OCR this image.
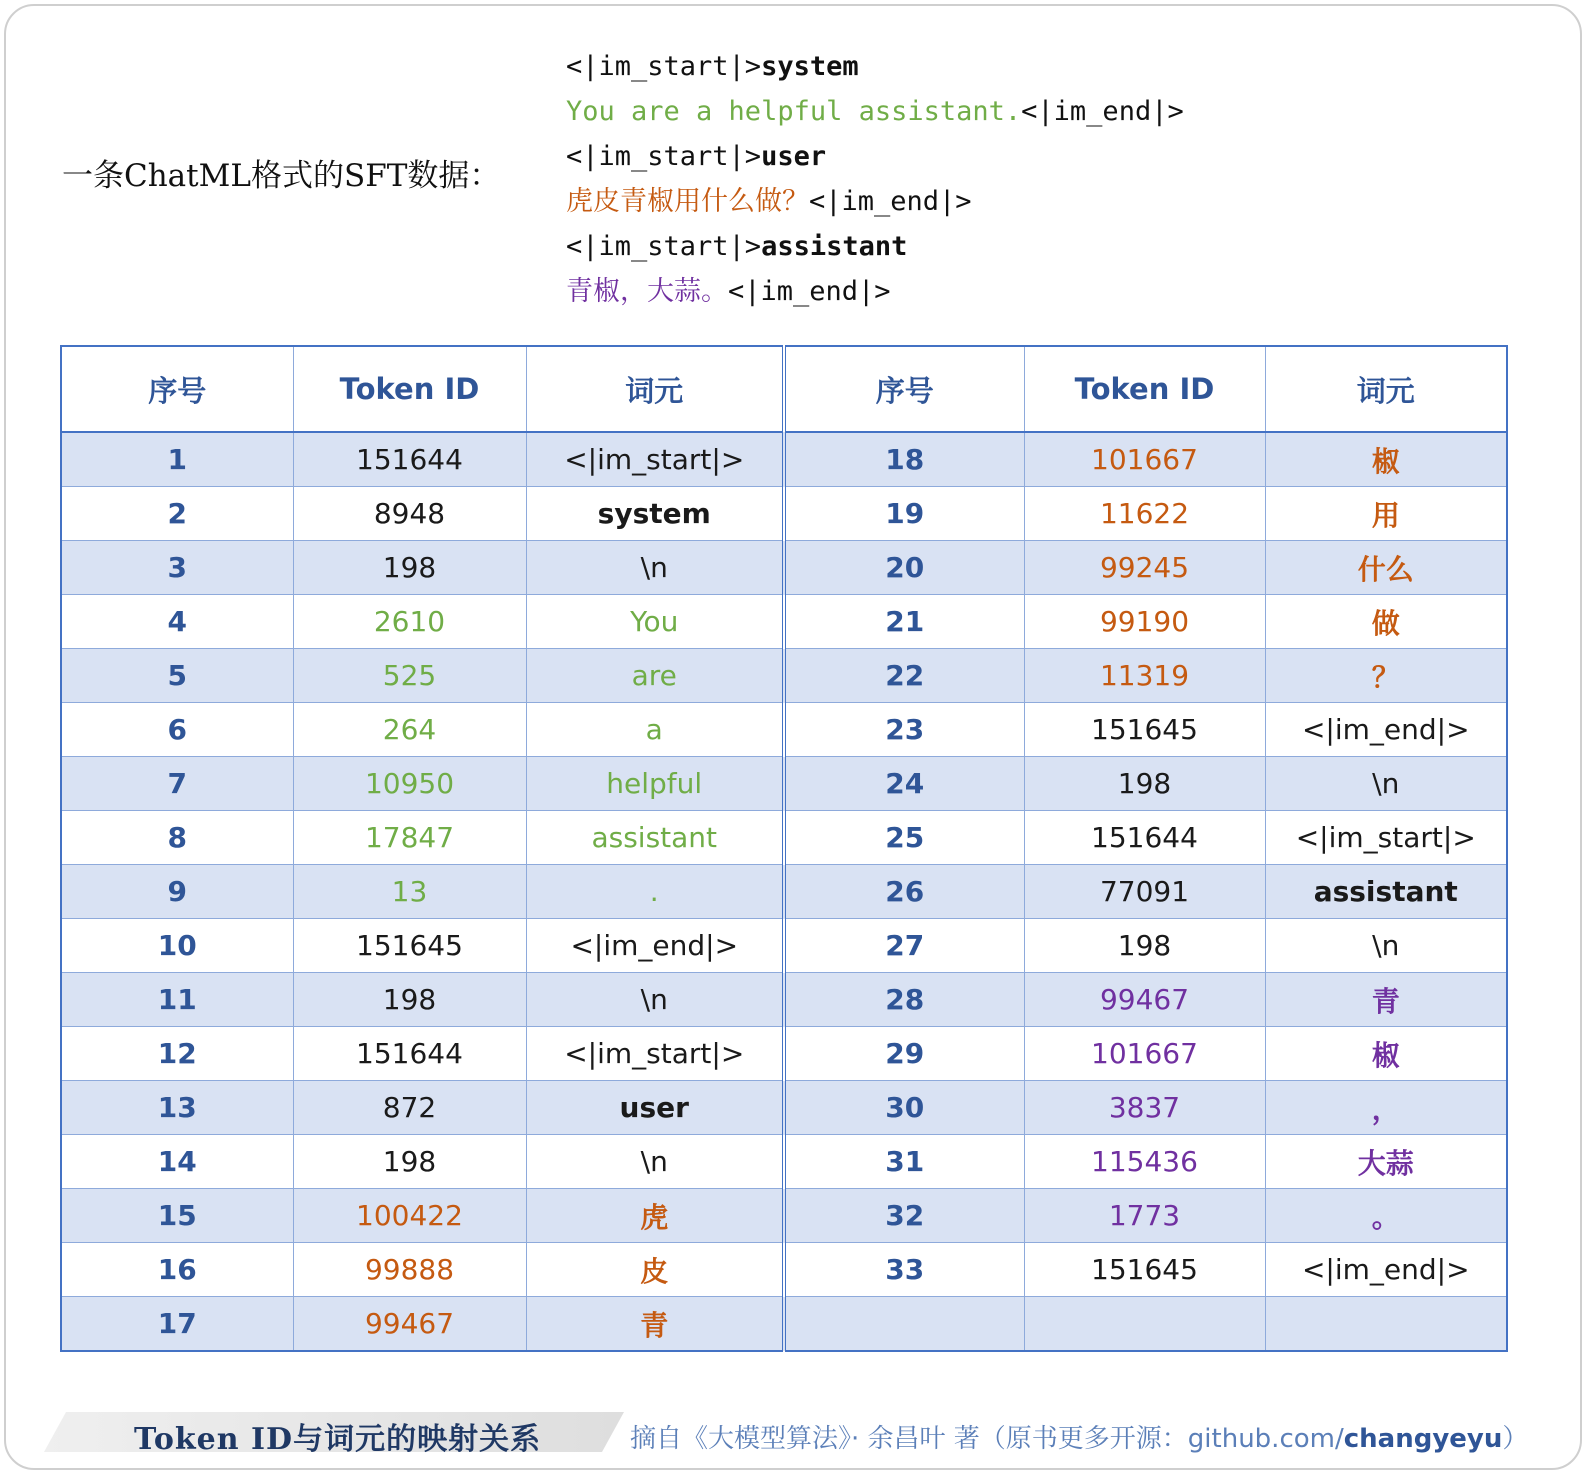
一条ChatML格式的SFT数据：
<|im_start|>system
You are a helpful assistant.<|im_end|>
<|im_start|>user
虎皮青椒用什么做？<|im_end|>
<|im_start|>assistant
青椒，大蒜。<|im_end|>
序号	Token ID	词元	序号	Token ID	词元
1	151644	<|im_start|>	18	101667	椒
2	8948	system	19	11622	用
3	198	\n	20	99245	什么
4	2610	You	21	99190	做
5	525	are	22	11319	？
6	264	a	23	151645	<|im_end|>
7	10950	helpful	24	198	\n
8	17847	assistant	25	151644	<|im_start|>
9	13	.	26	77091	assistant
10	151645	<|im_end|>	27	198	\n
11	198	\n	28	99467	青
12	151644	<|im_start|>	29	101667	椒
13	872	user	30	3837	，
14	198	\n	31	115436	大蒜
15	100422	虎	32	1773	。
16	99888	皮	33	151645	<|im_end|>
17	99467	青			
Token ID与词元的映射关系	摘自《大模型算法》· 余昌叶 著（原书更多开源：github.com/changyeyu）
